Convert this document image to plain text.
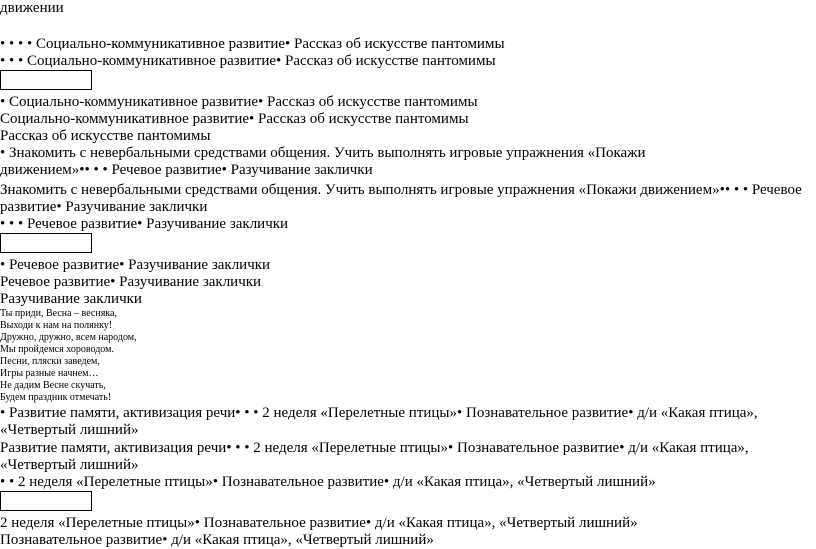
движении
• • • • Социально-коммуникативное развитие• Рассказ об искусстве пантомимы
• • • Социально-коммуникативное развитие• Рассказ об искусстве пантомимы
• Социально-коммуникативное развитие• Рассказ об искусстве пантомимы
Социально-коммуникативное развитие• Рассказ об искусстве пантомимы
Рассказ об искусстве пантомимы
• Знакомить с невербальными средствами общения. Учить выполнять игровые упражнения «Покажи
движением»•• • • Речевое развитие• Разучивание заклички
Знакомить с невербальными средствами общения. Учить выполнять игровые упражнения «Покажи движением»•• • • Речевое
развитие• Разучивание заклички
• • • Речевое развитие• Разучивание заклички
• Речевое развитие• Разучивание заклички
Речевое развитие• Разучивание заклички
Разучивание заклички
Ты приди, Весна – весняка,
Выходи к нам на полянку!
Дружно, дружно, всем народом,
Мы пройдемся хороводом.
Песни, пляски заведем,
Игры разные начнем…
Не дадим Весне скучать,
Будем праздник отмечать!
• Развитие памяти, активизация речи• • • 2 неделя «Перелетные птицы»• Познавательное развитие• д/и «Какая птица»,
«Четвертый лишний»
Развитие памяти, активизация речи• • • 2 неделя «Перелетные птицы»• Познавательное развитие• д/и «Какая птица»,
«Четвертый лишний»
• • 2 неделя «Перелетные птицы»• Познавательное развитие• д/и «Какая птица», «Четвертый лишний»
2 неделя «Перелетные птицы»• Познавательное развитие• д/и «Какая птица», «Четвертый лишний»
Познавательное развитие• д/и «Какая птица», «Четвертый лишний»
